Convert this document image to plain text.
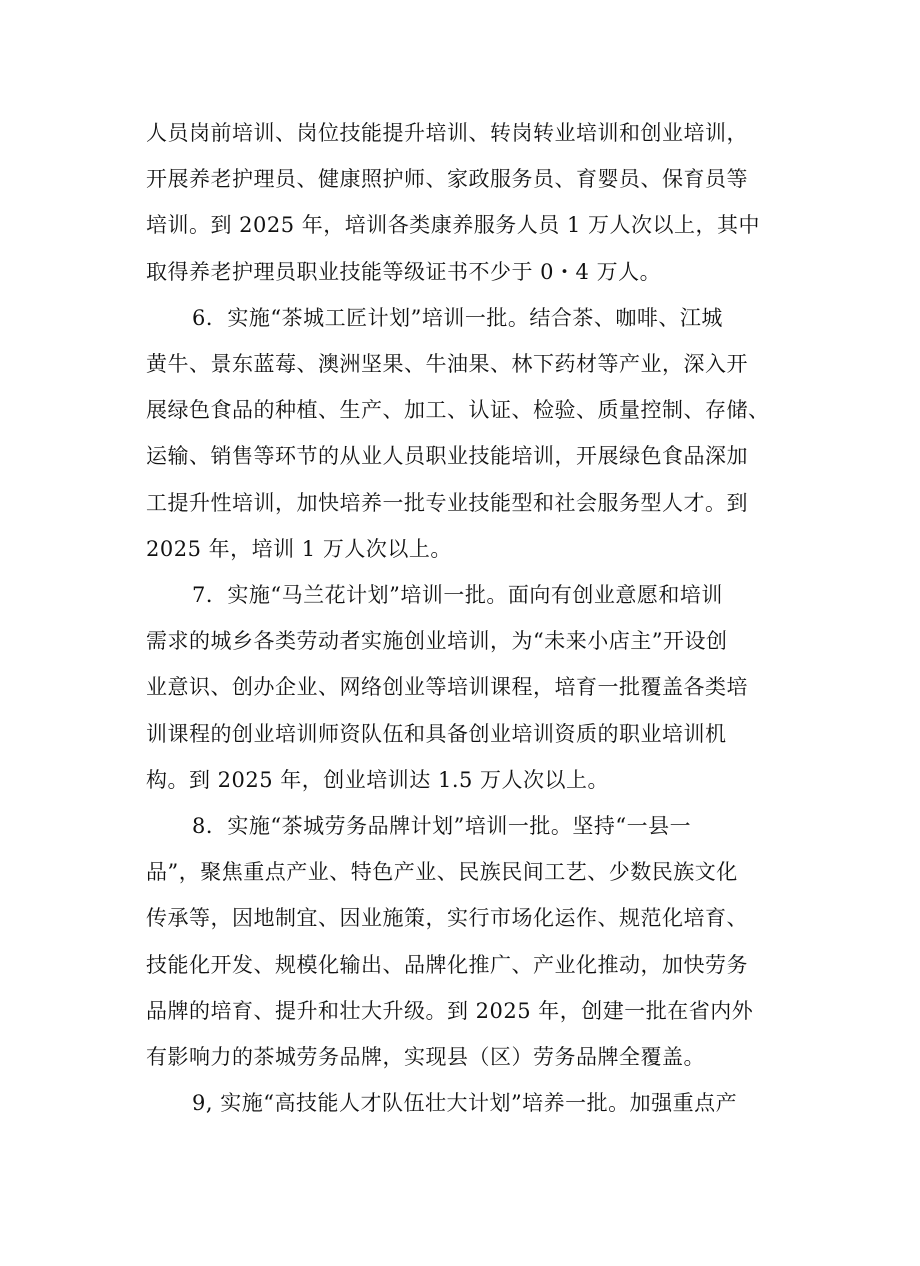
人员岗前培训、岗位技能提升培训、转岗转业培训和创业培训，
开展养老护理员、健康照护师、家政服务员、育婴员、保育员等
培训。到 2025 年，培训各类康养服务人员 1 万人次以上，其中
取得养老护理员职业技能等级证书不少于 0・4 万人。

6．实施“茶城工匠计划”培训一批。结合茶、咖啡、江城
黄牛、景东蓝莓、澳洲坚果、牛油果、林下药材等产业，深入开
展绿色食品的种植、生产、加工、认证、检验、质量控制、存储、
运输、销售等环节的从业人员职业技能培训，开展绿色食品深加
工提升性培训，加快培养一批专业技能型和社会服务型人才。到
2025 年，培训 1 万人次以上。

7．实施“马兰花计划”培训一批。面向有创业意愿和培训
需求的城乡各类劳动者实施创业培训，为“未来小店主”开设创
业意识、创办企业、网络创业等培训课程，培育一批覆盖各类培
训课程的创业培训师资队伍和具备创业培训资质的职业培训机
构。到 2025 年，创业培训达 1.5 万人次以上。

8．实施“茶城劳务品牌计划”培训一批。坚持“一县一
品”，聚焦重点产业、特色产业、民族民间工艺、少数民族文化
传承等，因地制宜、因业施策，实行市场化运作、规范化培育、
技能化开发、规模化输出、品牌化推广、产业化推动，加快劳务
品牌的培育、提升和壮大升级。到 2025 年，创建一批在省内外
有影响力的茶城劳务品牌，实现县（区）劳务品牌全覆盖。

9, 实施“高技能人才队伍壮大计划”培养一批。加强重点产
